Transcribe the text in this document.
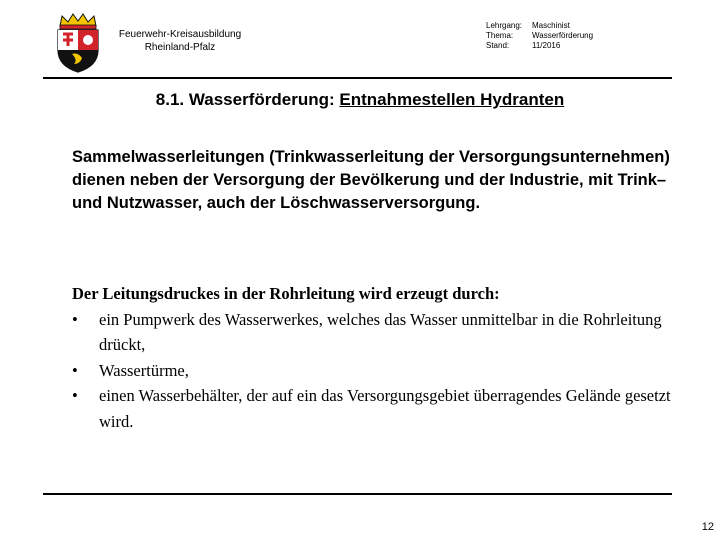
Feuerwehr-Kreisausbildung
Rheinland-Pfalz
Lehrgang:	Maschinist
Thema:	Wasserförderung
Stand:	11/2016
8.1. Wasserförderung: Entnahmestellen Hydranten
Sammelwasserleitungen (Trinkwasserleitung der Versorgungsunternehmen) dienen neben der Versorgung der Bevölkerung und der Industrie, mit Trink– und Nutzwasser, auch der Löschwasserversorgung.
Der Leitungsdruckes in der Rohrleitung wird erzeugt durch:
•	ein Pumpwerk des Wasserwerkes, welches das Wasser unmittelbar in die Rohrleitung drückt,
•	Wassertürme,
•	einen Wasserbehälter, der auf ein das Versorgungsgebiet überragendes Gelände gesetzt wird.
12
